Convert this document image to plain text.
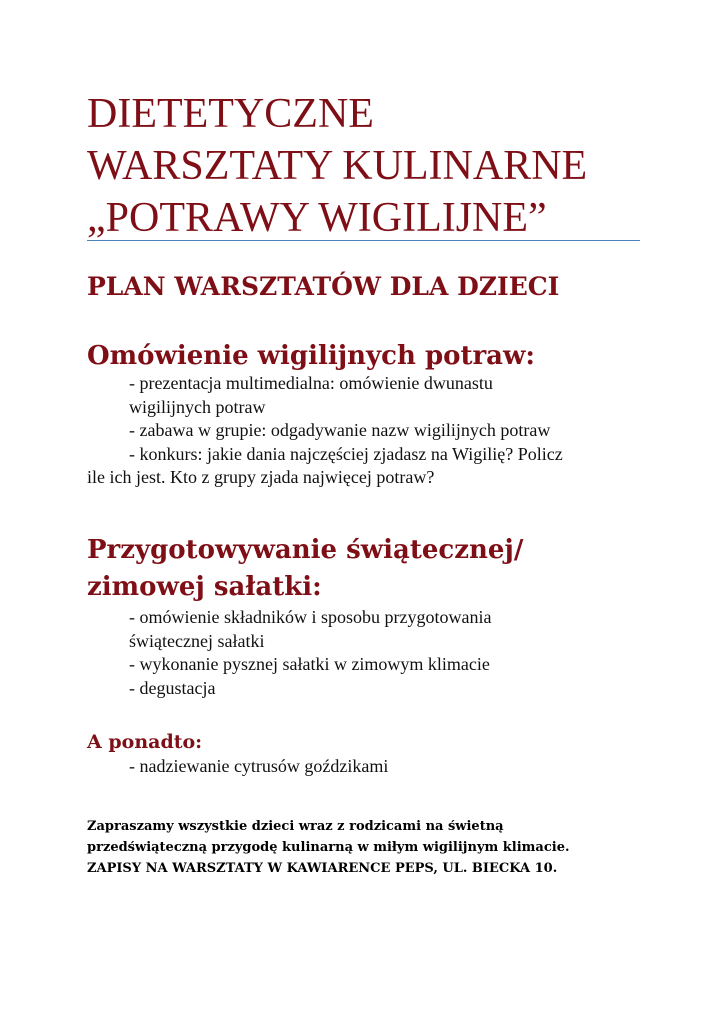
DIETETYCZNE
WARSZTATY KULINARNE
„POTRAWY WIGILIJNE”
PLAN WARSZTATÓW DLA DZIECI
Omówienie wigilijnych potraw:
- prezentacja multimedialna: omówienie dwunastu
wigilijnych potraw
- zabawa w grupie: odgadywanie nazw wigilijnych potraw
- konkurs: jakie dania najczęściej zjadasz na Wigilię? Policz
ile ich jest. Kto z grupy zjada najwięcej potraw?
Przygotowywanie świątecznej/
zimowej sałatki:
- omówienie składników i sposobu przygotowania
świątecznej sałatki
- wykonanie pysznej sałatki w zimowym klimacie
- degustacja
A ponadto:
- nadziewanie cytrusów goździkami

Zapraszamy wszystkie dzieci wraz z rodzicami na świetną
przedświąteczną przygodę kulinarną w miłym wigilijnym klimacie.
ZAPISY NA WARSZTATY W KAWIARENCE PEPS, UL. BIECKA 10.
